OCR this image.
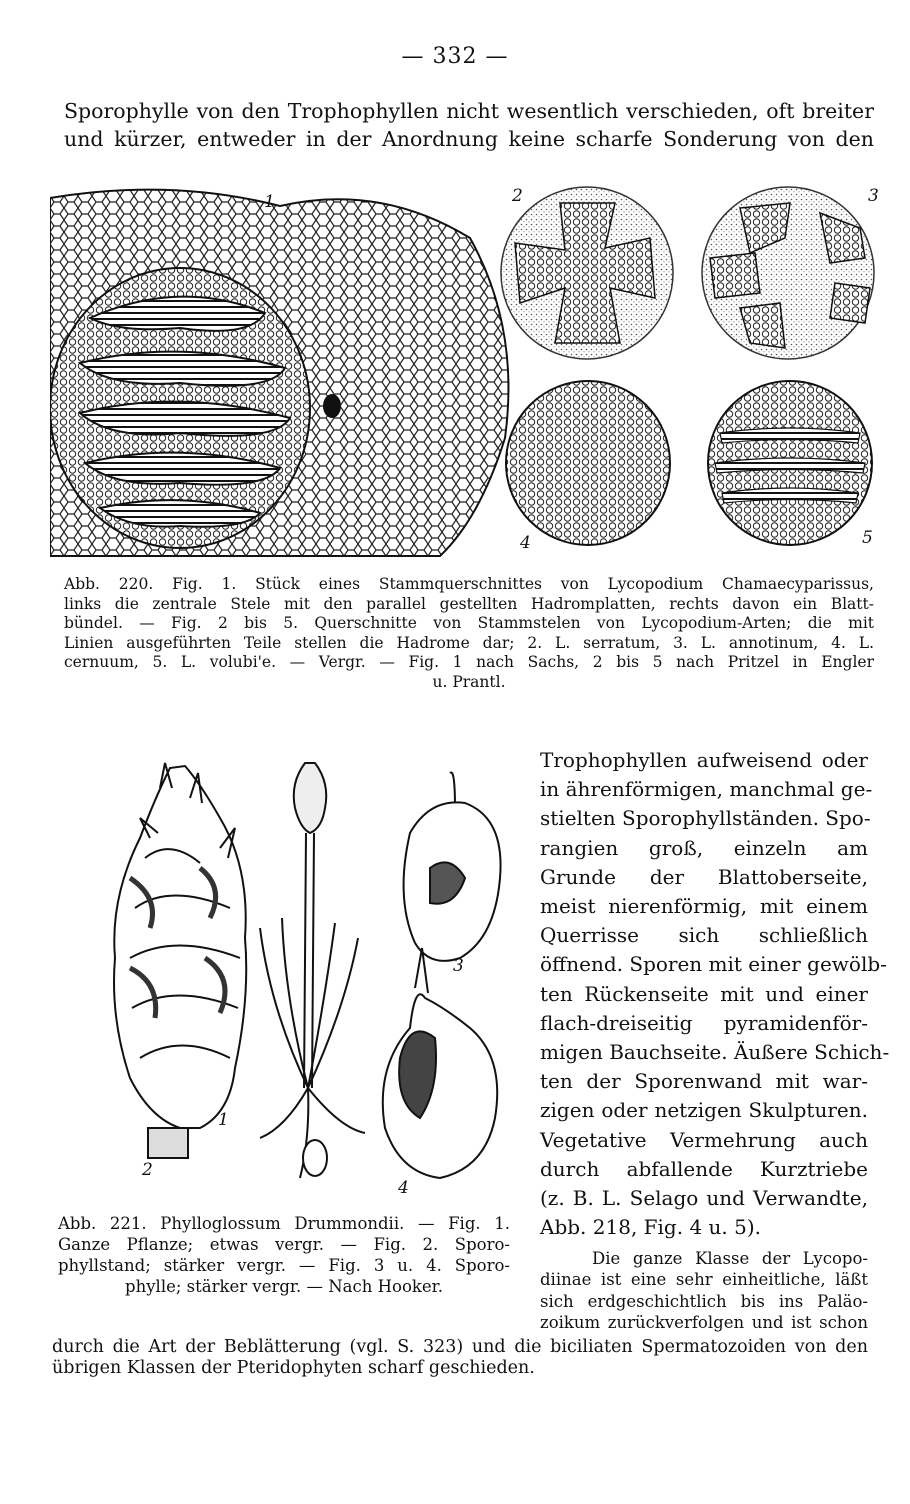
— 332 —
Sporophylle von den Trophophyllen nicht wesentlich verschieden, oft breiter
und kürzer, entweder in der Anordnung keine scharfe Sonderung von den
1	2	3
4	5
Abb. 220. Fig. 1. Stück eines Stammquerschnittes von Lycopodium Chamaecyparissus,
links die zentrale Stele mit den parallel gestellten Hadromplatten, rechts davon ein Blatt-
bündel. — Fig. 2 bis 5. Querschnitte von Stammstelen von Lycopodium-Arten; die mit
Linien ausgeführten Teile stellen die Hadrome dar; 2. L. serratum, 3. L. annotinum, 4. L.
cernuum, 5. L. volubi'e. — Vergr. — Fig. 1 nach Sachs, 2 bis 5 nach Pritzel in Engler
u. Prantl.
1
2
3
4
Abb. 221. Phylloglossum Drummondii. — Fig. 1.
Ganze Pflanze; etwas vergr. — Fig. 2. Sporo-
phyllstand; stärker vergr. — Fig. 3 u. 4. Sporo-
phylle; stärker vergr. — Nach Hooker.
Trophophyllen aufweisend oder
in ährenförmigen, manchmal ge-
stielten Sporophyllständen. Spo-
rangien groß, einzeln am
Grunde der Blattoberseite,
meist nierenförmig, mit einem
Querrisse sich schließlich
öffnend. Sporen mit einer gewölb-
ten Rückenseite mit und einer
flach-dreiseitig pyramidenför-
migen Bauchseite. Äußere Schich-
ten der Sporenwand mit war-
zigen oder netzigen Skulpturen.
Vegetative Vermehrung auch
durch abfallende Kurztriebe
(z. B. L. Selago und Verwandte,
Abb. 218, Fig. 4 u. 5).
Die ganze Klasse der Lycopo-
diinae ist eine sehr einheitliche, läßt
sich erdgeschichtlich bis ins Paläo-
zoikum zurückverfolgen und ist schon
durch die Art der Beblätterung (vgl. S. 323) und die biciliaten Spermatozoiden von den
übrigen Klassen der Pteridophyten scharf geschieden.
